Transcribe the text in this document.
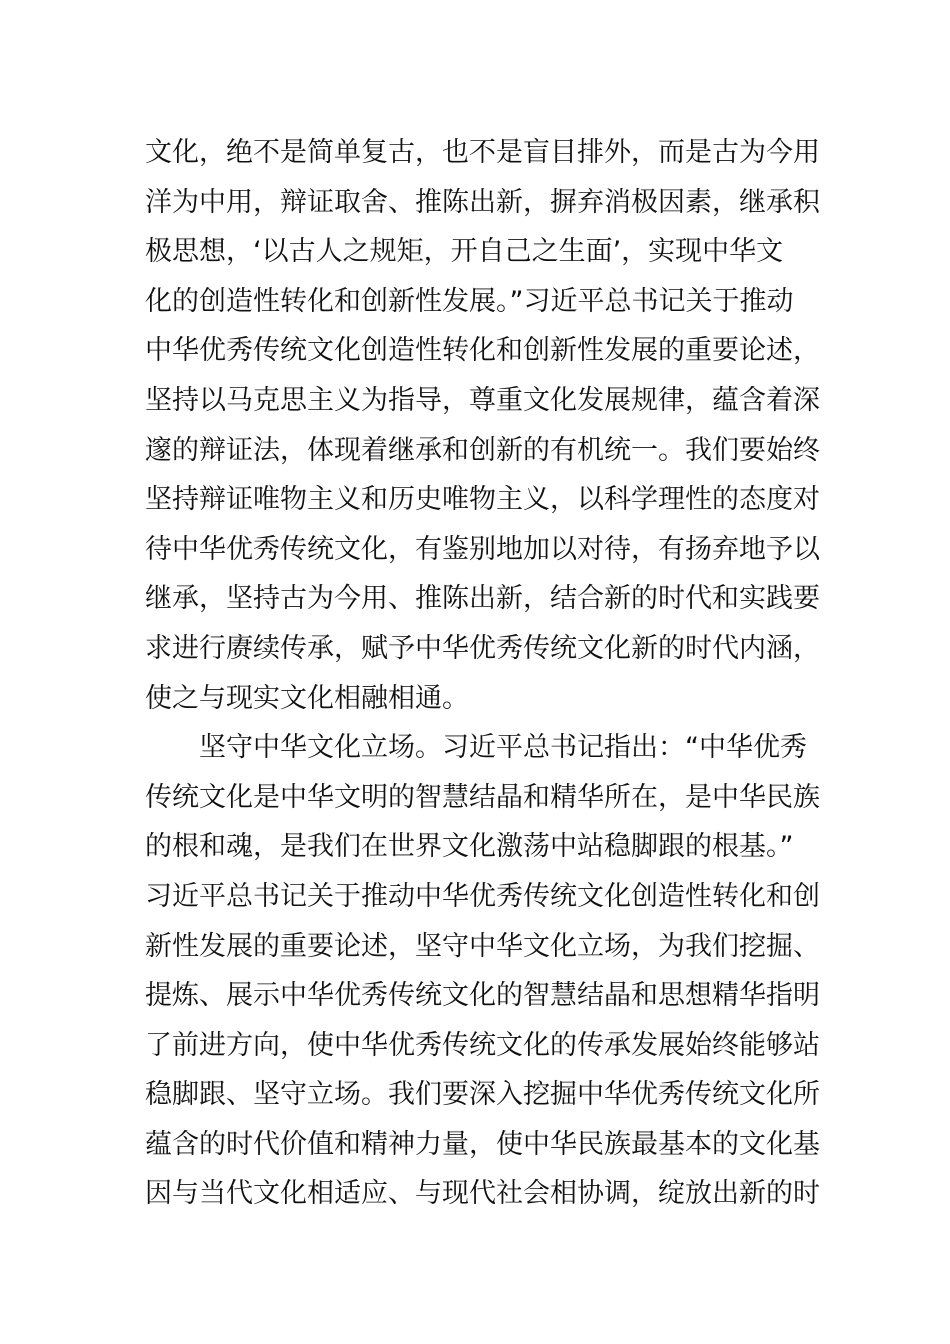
文化，绝不是简单复古，也不是盲目排外，而是古为今用
洋为中用，辩证取舍、推陈出新，摒弃消极因素，继承积
极思想，‘以古人之规矩，开自己之生面’，实现中华文
化的创造性转化和创新性发展。”习近平总书记关于推动
中华优秀传统文化创造性转化和创新性发展的重要论述，
坚持以马克思主义为指导，尊重文化发展规律，蕴含着深
邃的辩证法，体现着继承和创新的有机统一。我们要始终
坚持辩证唯物主义和历史唯物主义，以科学理性的态度对
待中华优秀传统文化，有鉴别地加以对待，有扬弃地予以
继承，坚持古为今用、推陈出新，结合新的时代和实践要
求进行赓续传承，赋予中华优秀传统文化新的时代内涵，
使之与现实文化相融相通。
坚守中华文化立场。习近平总书记指出：“中华优秀
传统文化是中华文明的智慧结晶和精华所在，是中华民族
的根和魂，是我们在世界文化激荡中站稳脚跟的根基。”
习近平总书记关于推动中华优秀传统文化创造性转化和创
新性发展的重要论述，坚守中华文化立场，为我们挖掘、
提炼、展示中华优秀传统文化的智慧结晶和思想精华指明
了前进方向，使中华优秀传统文化的传承发展始终能够站
稳脚跟、坚守立场。我们要深入挖掘中华优秀传统文化所
蕴含的时代价值和精神力量，使中华民族最基本的文化基
因与当代文化相适应、与现代社会相协调，绽放出新的时
